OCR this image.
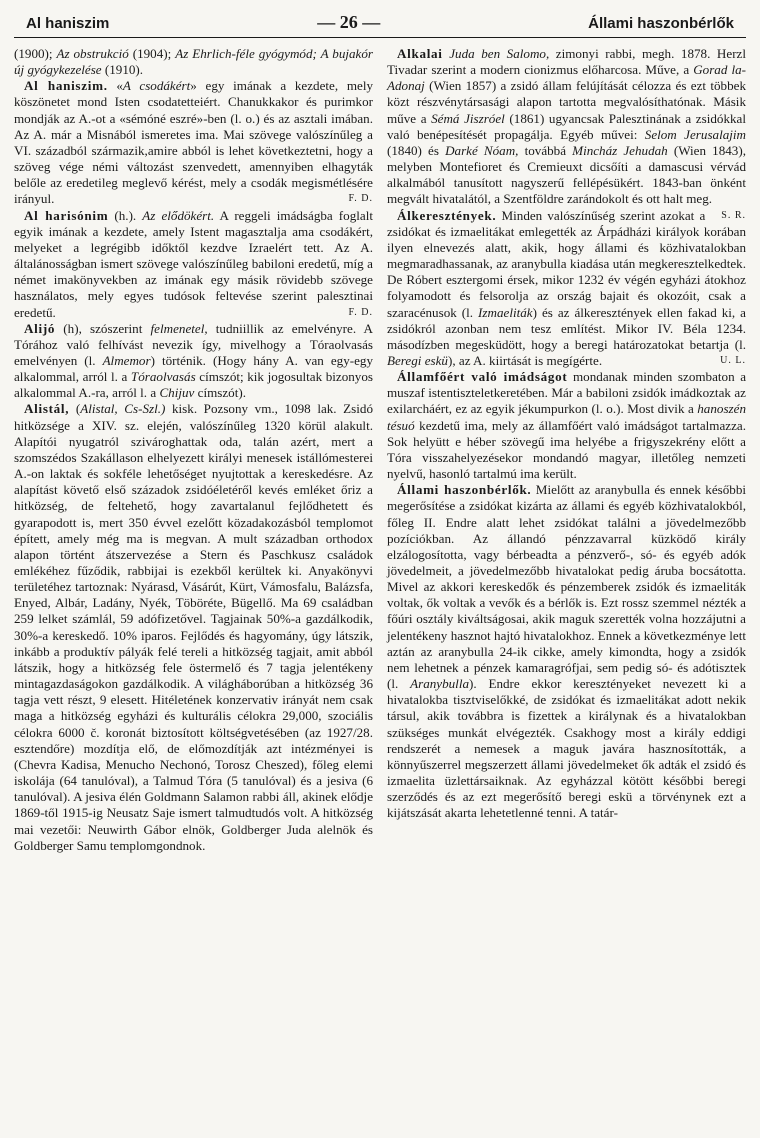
Al haniszim	— 26 —	Állami haszonbérlők

(1900); Az obstrukció (1904); Az Ehrlich-féle gyógymód; A bujakór új gyógykezelése (1910).

Al haniszim. «A csodákért» egy imának a kezdete, mely köszönetet mond Isten csodatetteiért. Chanukkakor és purimkor mondják az A.-ot a «sémóné eszré»-ben (l. o.) és az asztali imában. Az A. már a Misnából ismeretes ima. Mai szövege valószínűleg a VI. századból származik,amire abból is lehet következtetni, hogy a szöveg vége némi változást szenvedett, amennyiben elhagyták belőle az eredetileg meglevő kérést, mely a csodák megismétlésére irányul.	F. D.

Al harisónim (h.). Az elődökért. A reggeli imádságba foglalt egyik imának a kezdete, amely Istent magasztalja ama csodákért, melyeket a legrégibb időktől kezdve Izraelért tett. Az A. általánosságban ismert szövege valószínűleg babiloni eredetű, míg a német imakönyvekben az imának egy másik rövidebb szövege használatos, mely egyes tudósok feltevése szerint palesztinai eredetű.	F. D.

Alijó (h), szószerint felmenetel, tudniillik az emelvényre. A Tórához való felhívást nevezik így, mivelhogy a Tóraolvasás emelvényen (l. Almemor) történik. (Hogy hány A. van egy-egy alkalommal, arról l. a Tóraolvasás címszót; kik jogosultak bizonyos alkalommal A.-ra, arról l. a Chijuv címszót).

Alistál, (Alistal, Cs-Szl.) kisk. Pozsony vm., 1098 lak. Zsidó hitközsége a XIV. sz. elején, valószínűleg 1320 körül alakult. Alapítói nyugatról szivároghattak oda, talán azért, mert a szomszédos Szakállason elhelyezett királyi menesek istállómesterei A.-on laktak és sokféle lehetőséget nyujtottak a kereskedésre. Az alapítást követő első századok zsidóéletéről kevés emléket őriz a hitközség, de feltehető, hogy zavartalanul fejlődhetett és gyarapodott is, mert 350 évvel ezelőtt közadakozásból templomot épített, amely még ma is megvan. A mult században orthodox alapon történt átszervezése a Stern és Paschkusz családok emlékéhez fűződik, rabbijai is ezekből kerültek ki. Anyakönyvi területéhez tartoznak: Nyárasd, Vásárút, Kürt, Vámosfalu, Balázsfa, Enyed, Albár, Ladány, Nyék, Töböréte, Bügellő. Ma 69 családban 259 lelket számlál, 59 adófizetővel. Tagjainak 50%-a gazdálkodik, 30%-a kereskedő. 10% iparos. Fejlődés és hagyomány, úgy látszik, inkább a produktív pályák felé tereli a hitközség tagjait, amit abból látszik, hogy a hitközség fele östermelő és 7 tagja jelentékeny mintagazdaságokon gazdálkodik. A világháborúban a hitközség 36 tagja vett részt, 9 elesett. Hitéletének konzervativ irányát nem csak maga a hitközség egyházi és kulturális célokra 29,000, szociális célokra 6000 č. koronát biztosított költségvetésében (az 1927/28. esztendőre) mozdítja elő, de előmozdítják azt intézményei is (Chevra Kadisa, Menucho Nechonó, Torosz Cheszed), főleg elemi iskolája (64 tanulóval), a Talmud Tóra (5 tanulóval) és a jesiva (6 tanulóval). A jesiva élén Goldmann Salamon rabbi áll, akinek elődje 1869-től 1915-ig Neusatz Saje ismert talmudtudós volt. A hitközség mai vezetői: Neuwirth Gábor elnök, Goldberger Juda alelnök és Goldberger Samu templomgondnok.

Alkalai Juda ben Salomo, zimonyi rabbi, megh. 1878. Herzl Tivadar szerint a modern cionizmus előharcosa. Műve, a Gorad la-Adonaj (Wien 1857) a zsidó állam felújítását célozza és ezt többek közt részvénytársasági alapon tartotta megvalósíthatónak. Másik műve a Sémá Jiszróel (1861) ugyancsak Palesztinának a zsidókkal való benépesítését propagálja. Egyéb művei: Selom Jerusalajim (1840) és Darké Nóam, továbbá Mincház Jehudah (Wien 1843), melyben Montefioret és Cremieuxt dicsőíti a damascusi vérvád alkalmából tanusított nagyszerű fellépésükért. 1843-ban önként megvált hivatalától, a Szentföldre zarándokolt és ott halt meg.
S. R.

Álkeresztények. Minden valószínűség szerint azokat a zsidókat és izmaelitákat emlegették az Árpádházi királyok korában ilyen elnevezés alatt, akik, hogy állami és közhivatalokban megmaradhassanak, az aranybulla kiadása után megkeresztelkedtek. De Róbert esztergomi érsek, mikor 1232 év végén egyházi átokhoz folyamodott és felsorolja az ország bajait és okozóit, csak a szaracénusok (l. Izmaeliták) és az álkeresztények ellen fakad ki, a zsidókról azonban nem tesz említést. Mikor IV. Béla 1234. másodízben megesküdött, hogy a beregi határozatokat betartja (l. Beregi eskü), az A. kiirtását is megígérte.	U. L.

Államfőért való imádságot mondanak minden szombaton a muszaf istentiszteletkeretében. Már a babiloni zsidók imádkoztak az exilarcháért, ez az egyik jékumpurkon (l. o.). Most divik a hanoszén tésuó kezdetű ima, mely az államfőért való imádságot tartalmazza. Sok helyütt e héber szövegű ima helyébe a frigyszekrény előtt a Tóra visszahelyezésekor mondandó magyar, illetőleg nemzeti nyelvű, hasonló tartalmú ima került.

Állami haszonbérlők. Mielőtt az aranybulla és ennek későbbi megerősítése a zsidókat kizárta az állami és egyéb közhivatalokból, főleg II. Endre alatt lehet zsidókat találni a jövedelmezőbb pozíciókban. Az állandó pénzzavarral küzködő király elzálogosította, vagy bérbeadta a pénzverő-, só- és egyéb adók jövedelmeit, a jövedelmezőbb hivatalokat pedig áruba bocsátotta. Mivel az akkori kereskedők és pénzemberek zsidók és izmaeliták voltak, ők voltak a vevők és a bérlők is. Ezt rossz szemmel nézték a főúri osztály kiváltságosai, akik maguk szerették volna hozzájutni a jelentékeny hasznot hajtó hivatalokhoz. Ennek a következménye lett aztán az aranybulla 24-ik cikke, amely kimondta, hogy a zsidók nem lehetnek a pénzek kamaragrófjai, sem pedig só- és adótisztek (l. Aranybulla). Endre ekkor keresztényeket nevezett ki a hivatalokba tisztviselőkké, de zsidókat és izmaelitákat adott nekik társul, akik továbbra is fizettek a királynak és a hivatalokban szükséges munkát elvégezték. Csakhogy most a király eddigi rendszerét a nemesek a maguk javára hasznosították, a könnyűszerrel megszerzett állami jövedelmeket ők adták el zsidó és izmaelita üzlettársaiknak. Az egyházzal kötött későbbi beregi szerződés és az ezt megerősítő beregi eskü a törvénynek ezt a kijátszását akarta lehetetlenné tenni. A tatár-
